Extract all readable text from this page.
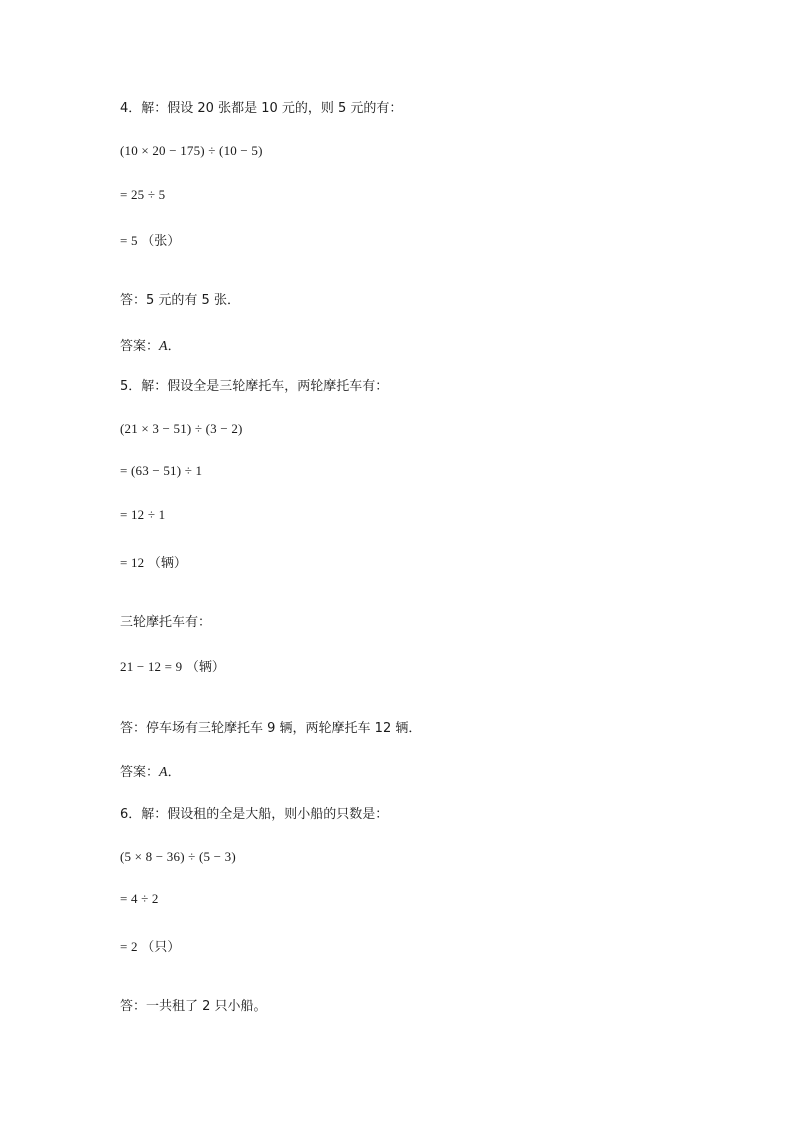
4．解：假设 20 张都是 10 元的，则 5 元的有：
(10 × 20 − 175) ÷ (10 − 5)
= 25 ÷ 5
= 5 （张）
答：5 元的有 5 张．
答案：A．
5．解：假设全是三轮摩托车，两轮摩托车有：
(21 × 3 − 51) ÷ (3 − 2)
= (63 − 51) ÷ 1
= 12 ÷ 1
= 12 （辆）
三轮摩托车有：
21 − 12 = 9 （辆）
答：停车场有三轮摩托车 9 辆，两轮摩托车 12 辆．
答案：A．
6．解：假设租的全是大船，则小船的只数是：
(5 × 8 − 36) ÷ (5 − 3)
= 4 ÷ 2
= 2 （只）
答：一共租了 2 只小船。
